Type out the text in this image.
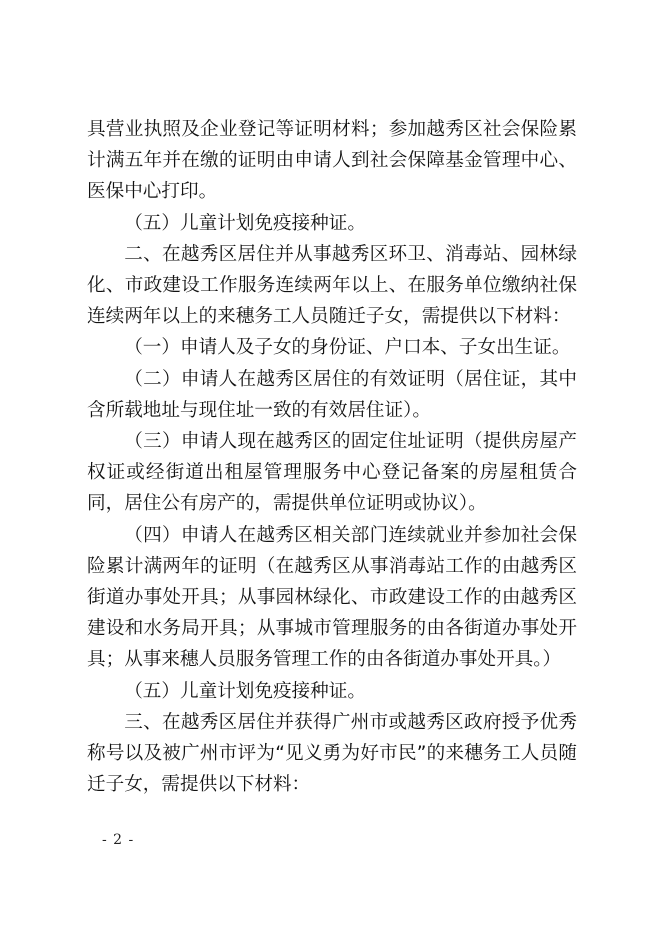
具营业执照及企业登记等证明材料；参加越秀区社会保险累计满五年并在缴的证明由申请人到社会保障基金管理中心、医保中心打印。

（五）儿童计划免疫接种证。

二、在越秀区居住并从事越秀区环卫、消毒站、园林绿化、市政建设工作服务连续两年以上、在服务单位缴纳社保连续两年以上的来穗务工人员随迁子女，需提供以下材料：

（一）申请人及子女的身份证、户口本、子女出生证。

（二）申请人在越秀区居住的有效证明（居住证，其中含所载地址与现住址一致的有效居住证）。

（三）申请人现在越秀区的固定住址证明（提供房屋产权证或经街道出租屋管理服务中心登记备案的房屋租赁合同，居住公有房产的，需提供单位证明或协议）。

（四）申请人在越秀区相关部门连续就业并参加社会保险累计满两年的证明（在越秀区从事消毒站工作的由越秀区街道办事处开具；从事园林绿化、市政建设工作的由越秀区建设和水务局开具；从事城市管理服务的由各街道办事处开具；从事来穗人员服务管理工作的由各街道办事处开具。）

（五）儿童计划免疫接种证。

三、在越秀区居住并获得广州市或越秀区政府授予优秀称号以及被广州市评为“见义勇为好市民”的来穗务工人员随迁子女，需提供以下材料：

- 2 -
